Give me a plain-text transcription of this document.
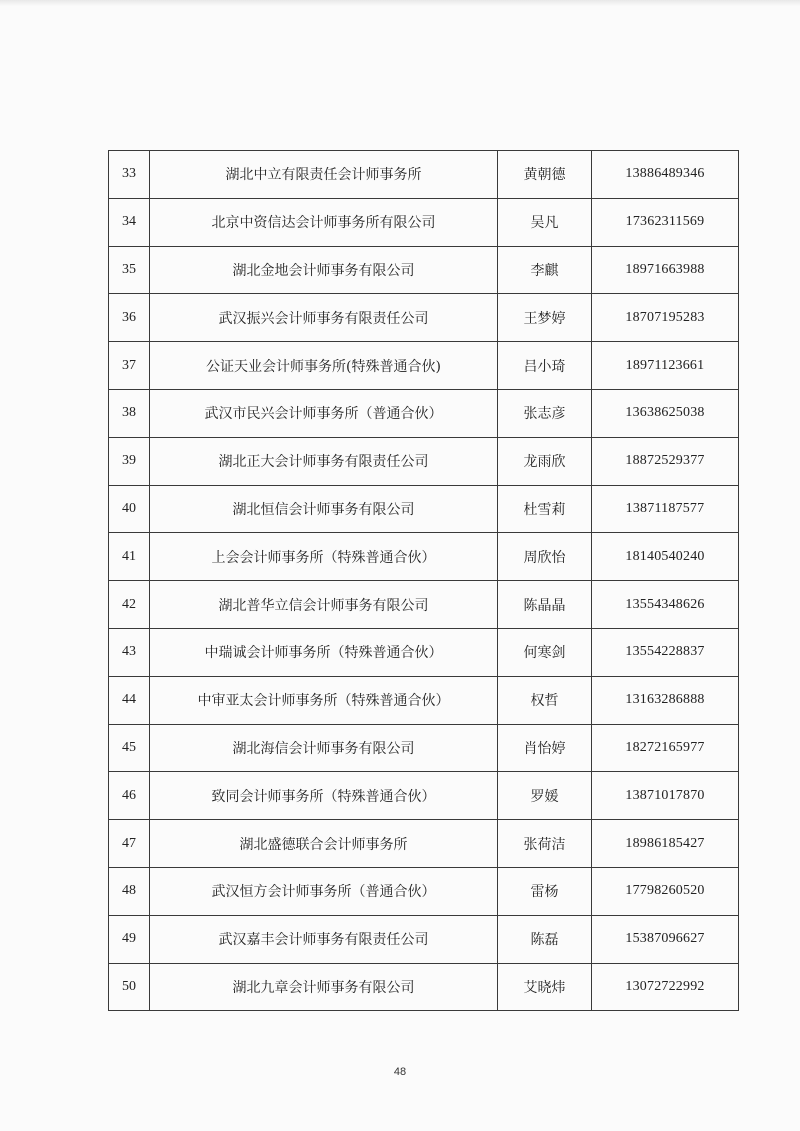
33	湖北中立有限责任会计师事务所	黄朝德	13886489346
34	北京中资信达会计师事务所有限公司	吴凡	17362311569
35	湖北金地会计师事务有限公司	李麒	18971663988
36	武汉振兴会计师事务有限责任公司	王梦婷	18707195283
37	公证天业会计师事务所(特殊普通合伙)	吕小琦	18971123661
38	武汉市民兴会计师事务所（普通合伙）	张志彦	13638625038
39	湖北正大会计师事务有限责任公司	龙雨欣	18872529377
40	湖北恒信会计师事务有限公司	杜雪莉	13871187577
41	上会会计师事务所（特殊普通合伙）	周欣怡	18140540240
42	湖北普华立信会计师事务有限公司	陈晶晶	13554348626
43	中瑞诚会计师事务所（特殊普通合伙）	何寒剑	13554228837
44	中审亚太会计师事务所（特殊普通合伙）	权哲	13163286888
45	湖北海信会计师事务有限公司	肖怡婷	18272165977
46	致同会计师事务所（特殊普通合伙）	罗媛	13871017870
47	湖北盛德联合会计师事务所	张荷洁	18986185427
48	武汉恒方会计师事务所（普通合伙）	雷杨	17798260520
49	武汉嘉丰会计师事务有限责任公司	陈磊	15387096627
50	湖北九章会计师事务有限公司	艾晓炜	13072722992
48
